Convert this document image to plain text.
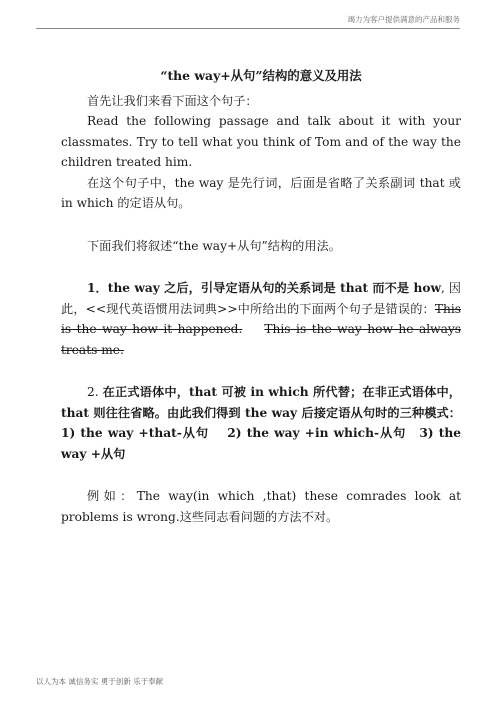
竭力为客户提供满意的产品和服务

“the way+从句”结构的意义及用法

首先让我们来看下面这个句子：

Read the following passage and talk about it with your classmates. Try to tell what you think of Tom and of the way the children treated him.

在这个句子中，the way 是先行词，后面是省略了关系副词 that 或 in which 的定语从句。

下面我们将叙述“the way+从句”结构的用法。

1．the way 之后，引导定语从句的关系词是 that 而不是 how, 因此，<<现代英语惯用法词典>>中所给出的下面两个句子是错误的：This is the way how it happened. This is the way how he always treats me.

2. 在正式语体中，that 可被 in which 所代替；在非正式语体中，that 则往往省略。由此我们得到 the way 后接定语从句时的三种模式：1) the way +that-从句　 2) the way +in which-从句　3) the way +从句

例如：The way(in which ,that) these comrades look at problems is wrong.这些同志看问题的方法不对。

以人为本 诚信务实 勇于创新 乐于奉献
